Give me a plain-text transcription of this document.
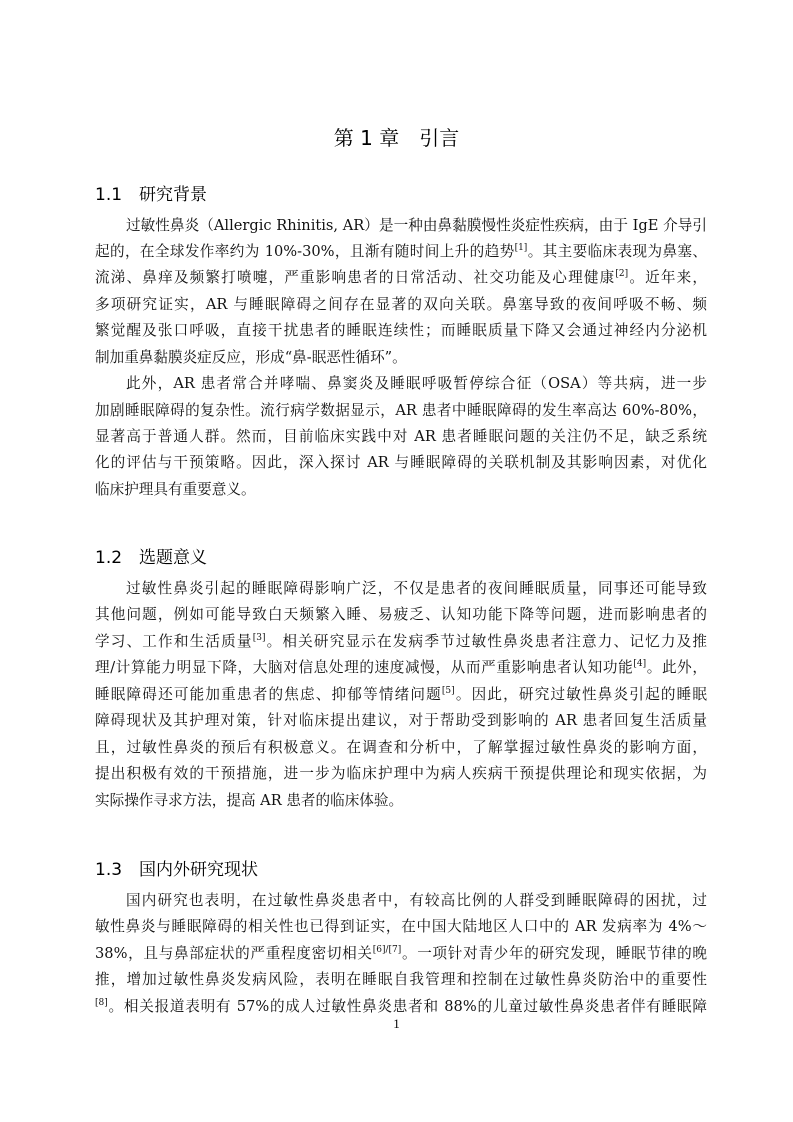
第 1 章 引言
1.1 研究背景
过敏性鼻炎（Allergic Rhinitis, AR）是一种由鼻黏膜慢性炎症性疾病，由于 IgE 介导引
起的，在全球发作率约为 10%-30%，且渐有随时间上升的趋势[1]。其主要临床表现为鼻塞、
流涕、鼻痒及频繁打喷嚏，严重影响患者的日常活动、社交功能及心理健康[2]。近年来，
多项研究证实，AR 与睡眠障碍之间存在显著的双向关联。鼻塞导致的夜间呼吸不畅、频
繁觉醒及张口呼吸，直接干扰患者的睡眠连续性；而睡眠质量下降又会通过神经内分泌机
制加重鼻黏膜炎症反应，形成“鼻-眠恶性循环”。
此外，AR 患者常合并哮喘、鼻窦炎及睡眠呼吸暂停综合征（OSA）等共病，进一步
加剧睡眠障碍的复杂性。流行病学数据显示，AR 患者中睡眠障碍的发生率高达 60%-80%，
显著高于普通人群。然而，目前临床实践中对 AR 患者睡眠问题的关注仍不足，缺乏系统
化的评估与干预策略。因此，深入探讨 AR 与睡眠障碍的关联机制及其影响因素，对优化
临床护理具有重要意义。
1.2 选题意义
过敏性鼻炎引起的睡眠障碍影响广泛，不仅是患者的夜间睡眠质量，同事还可能导致
其他问题，例如可能导致白天频繁入睡、易疲乏、认知功能下降等问题，进而影响患者的
学习、工作和生活质量[3]。相关研究显示在发病季节过敏性鼻炎患者注意力、记忆力及推
理/计算能力明显下降，大脑对信息处理的速度减慢，从而严重影响患者认知功能[4]。此外，
睡眠障碍还可能加重患者的焦虑、抑郁等情绪问题[5]。因此，研究过敏性鼻炎引起的睡眠
障碍现状及其护理对策，针对临床提出建议，对于帮助受到影响的 AR 患者回复生活质量
且，过敏性鼻炎的预后有积极意义。在调查和分析中，了解掌握过敏性鼻炎的影响方面，
提出积极有效的干预措施，进一步为临床护理中为病人疾病干预提供理论和现实依据，为
实际操作寻求方法，提高 AR 患者的临床体验。
1.3 国内外研究现状
国内研究也表明，在过敏性鼻炎患者中，有较高比例的人群受到睡眠障碍的困扰，过
敏性鼻炎与睡眠障碍的相关性也已得到证实，在中国大陆地区人口中的 AR 发病率为 4%～
38%，且与鼻部症状的严重程度密切相关[6]/[7]。一项针对青少年的研究发现，睡眠节律的晚
推，增加过敏性鼻炎发病风险，表明在睡眠自我管理和控制在过敏性鼻炎防治中的重要性
[8]。相关报道表明有 57%的成人过敏性鼻炎患者和 88%的儿童过敏性鼻炎患者伴有睡眠障
1
